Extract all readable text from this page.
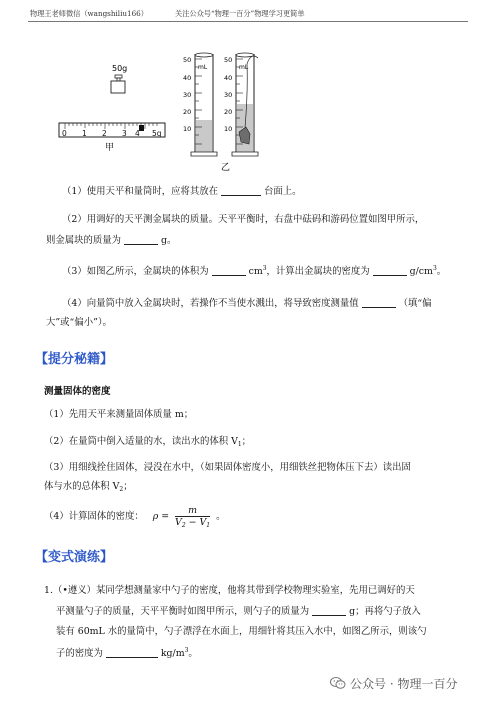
物理王老师微信（wangshiliu166）	关注公众号“物理一百分”物理学习更简单
50g
0 1 2 3 4 5g
甲
50
40
30
20
10
mL
50
40
30
20
10
mL
乙
（1）使用天平和量筒时，应将其放在	台面上。
（2）用调好的天平测金属块的质量。天平平衡时，右盘中砝码和游码位置如图甲所示，
则金属块的质量为	g。
（3）如图乙所示，金属块的体积为	$cm^3$，计算出金属块的密度为	$g/cm^3$。
（4）向量筒中放入金属块时，若操作不当使水溅出，将导致密度测量值	（填“偏
大”或“偏小”）。
【提分秘籍】
测量固体的密度
（1）先用天平来测量固体质量 m；
（2）在量筒中倒入适量的水，读出水的体积 $V_1$；
（3）用细线拴住固体，浸没在水中，（如果固体密度小，用细铁丝把物体压下去）读出固
体与水的总体积 $V_2$；
（4）计算固体的密度： $\rho = \frac{m}{V_2 - V_1}$ 。
【变式演练】
1.（•遵义）某同学想测量家中勺子的密度，他将其带到学校物理实验室，先用已调好的天
平测量勺子的质量，天平平衡时如图甲所示，则勺子的质量为	g；再将勺子放入
装有 60mL 水的量筒中，勺子漂浮在水面上，用细针将其压入水中，如图乙所示，则该勺
子的密度为	$kg/m^3$。
公众号 · 物理一百分
